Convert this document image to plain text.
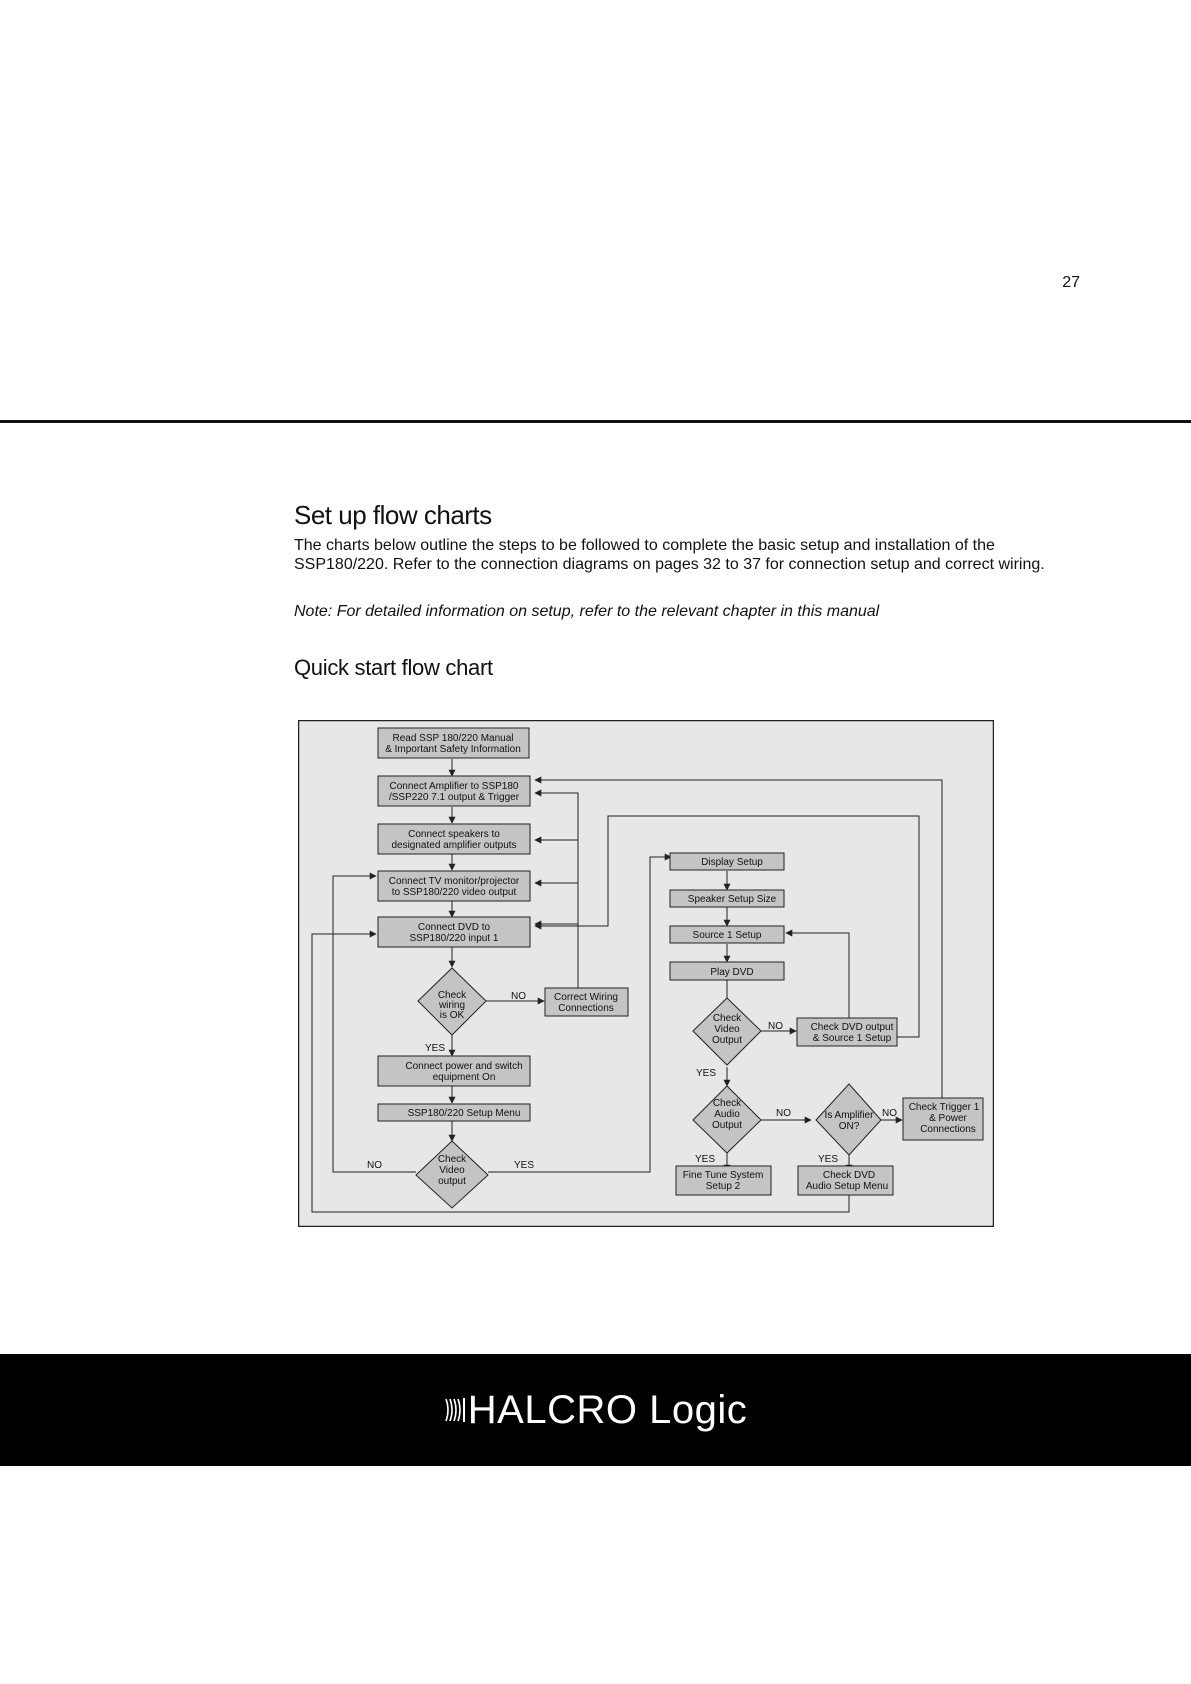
27
Set up flow charts

The charts below outline the steps to be followed to complete the basic setup and installation of the SSP180/220. Refer to the connection diagrams on pages 32 to 37 for connection setup and correct wiring.

Note: For detailed information on setup, refer to the relevant chapter in this manual

Quick start flow chart
Read SSP 180/220 Manual & Important Safety Information
Connect Amplifier to SSP180 /SSP220 7.1 output & Trigger
Connect speakers to designated amplifier outputs
Connect TV monitor/projector to SSP180/220 video output
Connect DVD to SSP180/220 input 1
Check wiring is OK
Correct Wiring Connections
Connect power and switch equipment On
SSP180/220 Setup Menu
Check Video output
Display Setup
Speaker Setup Size
Source 1 Setup
Play DVD
Check Video Output
Check DVD output & Source 1 Setup
Check Audio Output
Is Amplifier ON?
Check Trigger 1 & Power Connections
Fine Tune System Setup 2
Check DVD Audio Setup Menu
NO
YES
NO	YES
NO
YES
NO	NO
YES	YES
HALCRO Logic
